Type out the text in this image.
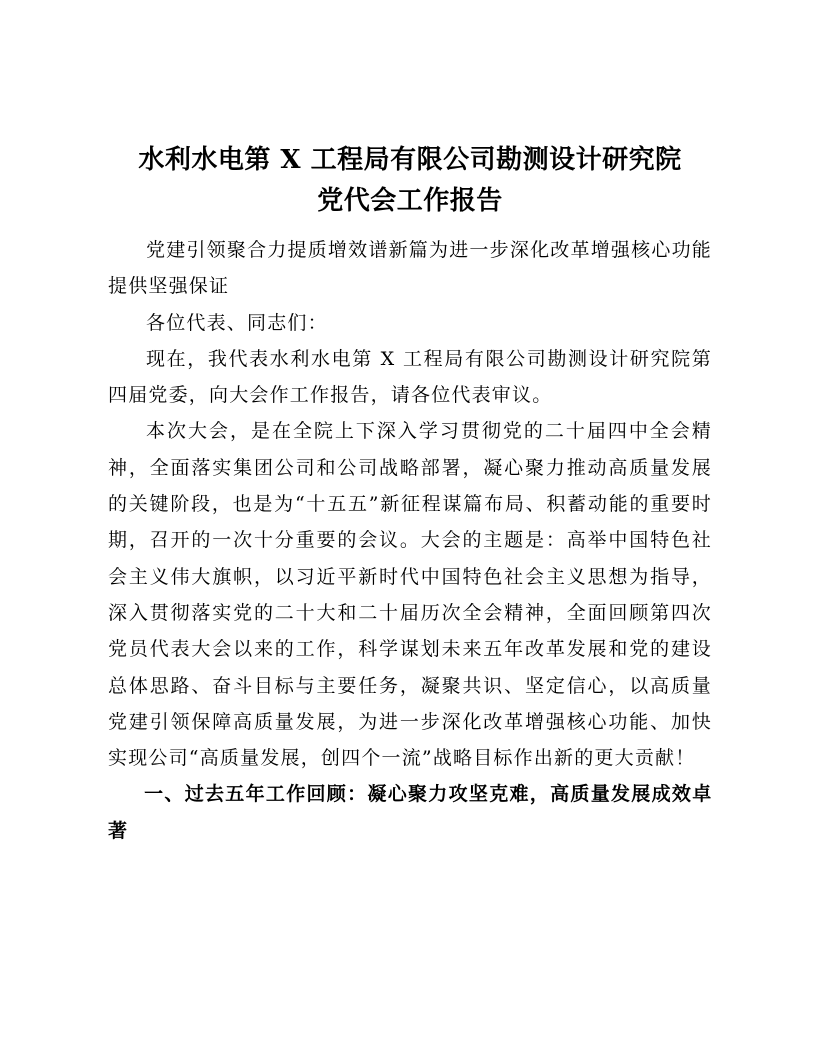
水利水电第 X 工程局有限公司勘测设计研究院
党代会工作报告

党建引领聚合力提质增效谱新篇为进一步深化改革增强核心功能提供坚强保证

各位代表、同志们：

现在，我代表水利水电第 X 工程局有限公司勘测设计研究院第四届党委，向大会作工作报告，请各位代表审议。

本次大会，是在全院上下深入学习贯彻党的二十届四中全会精神，全面落实集团公司和公司战略部署，凝心聚力推动高质量发展的关键阶段，也是为“十五五”新征程谋篇布局、积蓄动能的重要时期，召开的一次十分重要的会议。大会的主题是：高举中国特色社会主义伟大旗帜，以习近平新时代中国特色社会主义思想为指导，深入贯彻落实党的二十大和二十届历次全会精神，全面回顾第四次党员代表大会以来的工作，科学谋划未来五年改革发展和党的建设总体思路、奋斗目标与主要任务，凝聚共识、坚定信心，以高质量党建引领保障高质量发展，为进一步深化改革增强核心功能、加快实现公司“高质量发展，创四个一流”战略目标作出新的更大贡献！

一、过去五年工作回顾：凝心聚力攻坚克难，高质量发展成效卓著
